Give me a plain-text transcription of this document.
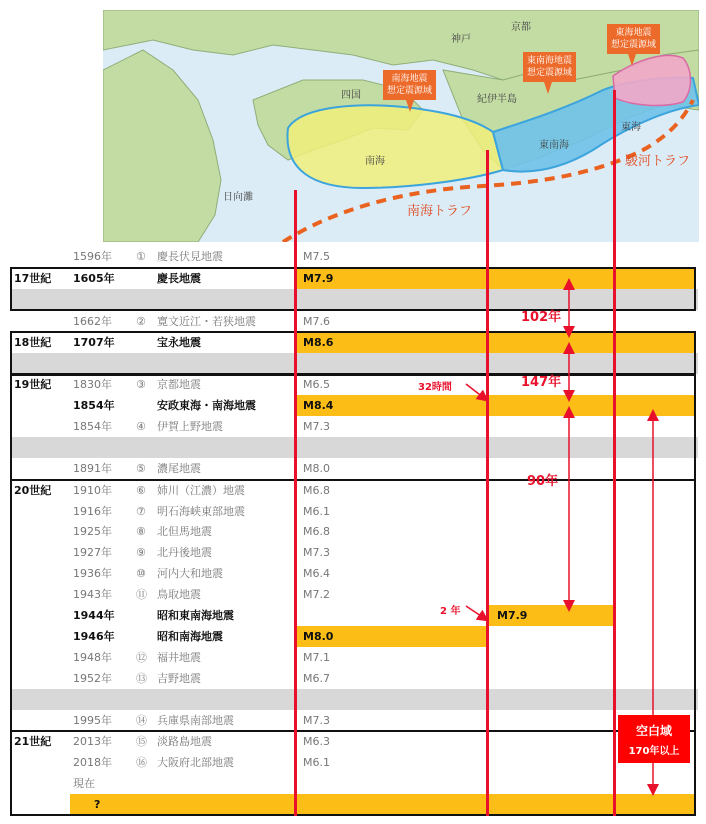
京都
神戸
四国	紀伊半島
東海
日向灘
南海
東南海
南海地震
想定震源域
東南海地震
想定震源域
東海地震
想定震源域
南海トラフ
駿河トラフ
1596年 ① 慶長伏見地震	M7.5
17世紀 1605年	慶長地震	M7.9
1662年 ② 寛文近江・若狭地震	M7.6
18世紀 1707年	宝永地震	M8.6
19世紀 1830年 ③ 京都地震	M6.5
1854年	安政東海・南海地震	M8.4
1854年 ④ 伊賀上野地震	M7.3
1891年 ⑤ 濃尾地震	M8.0
20世紀 1910年 ⑥ 姉川（江濃）地震	M6.8
1916年 ⑦ 明石海峡東部地震	M6.1
1925年 ⑧ 北但馬地震	M6.8
1927年 ⑨ 北丹後地震	M7.3
1936年 ⑩ 河内大和地震	M6.4
1943年 ⑪ 鳥取地震	M7.2
1944年	昭和東南海地震	M7.9
1946年	昭和南海地震	M8.0
1948年 ⑫ 福井地震	M7.1
1952年 ⑬ 吉野地震	M6.7
1995年 ⑭ 兵庫県南部地震	M7.3
21世紀 2013年 ⑮ 淡路島地震	M6.3
2018年 ⑯ 大阪府北部地震	M6.1
現在
?
102年
147年
90年
32時間
2 年
空白域
170年以上
